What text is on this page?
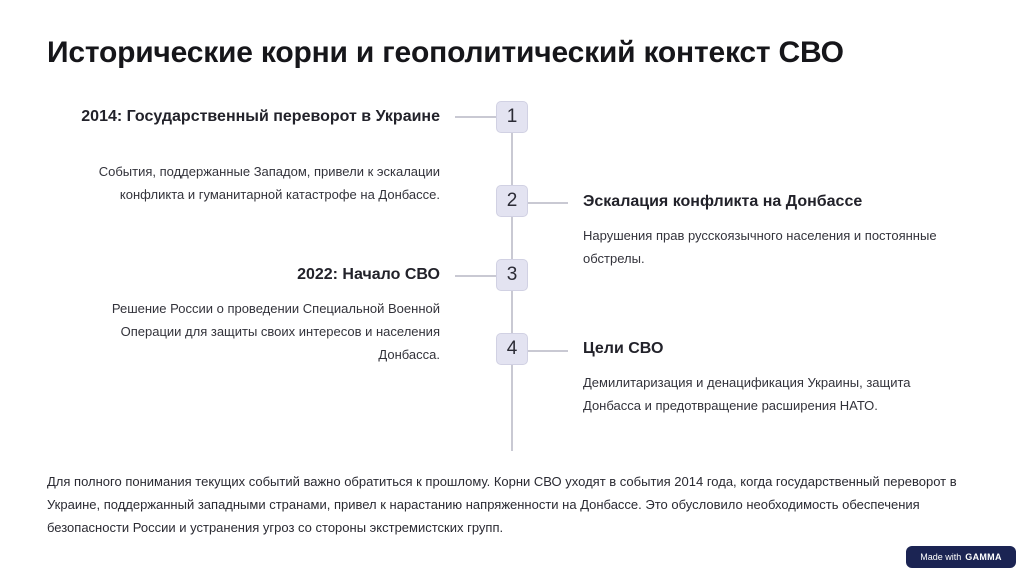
Исторические корни и геополитический контекст СВО
1
2014: Государственный переворот в Украине
События, поддержанные Западом, привели к эскалации конфликта и гуманитарной катастрофе на Донбассе.	2	Эскалация конфликта на Донбассе
Нарушения прав русскоязычного населения и постоянные обстрелы.
3
2022: Начало СВО
Решение России о проведении Специальной Военной Операции для защиты своих интересов и населения Донбасса.	4	Цели СВО
Демилитаризация и денацификация Украины, защита Донбасса и предотвращение расширения НАТО.
Для полного понимания текущих событий важно обратиться к прошлому. Корни СВО уходят в события 2014 года, когда государственный переворот в Украине, поддержанный западными странами, привел к нарастанию напряженности на Донбассе. Это обусловило необходимость обеспечения безопасности России и устранения угроз со стороны экстремистских групп.
Made with GAMMA
